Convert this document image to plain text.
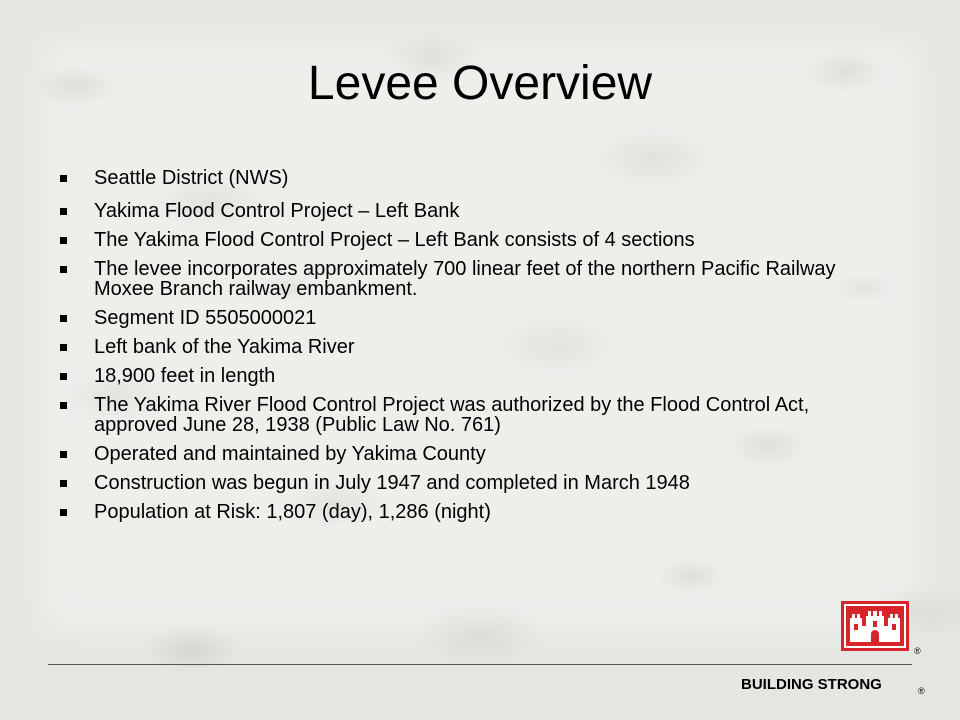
Levee Overview
Seattle District (NWS)
Yakima Flood Control Project – Left Bank
The Yakima Flood Control Project – Left Bank consists of 4 sections
The levee incorporates approximately 700 linear feet of the northern Pacific Railway Moxee Branch railway embankment.
Segment ID 5505000021
Left bank of the Yakima River
18,900 feet in length
The Yakima River Flood Control Project was authorized by the Flood Control Act, approved June 28, 1938 (Public Law No. 761)
Operated and maintained by Yakima County
Construction was begun in July 1947 and completed in March 1948
Population at Risk: 1,807 (day), 1,286 (night)
®
BUILDING STRONG	®
